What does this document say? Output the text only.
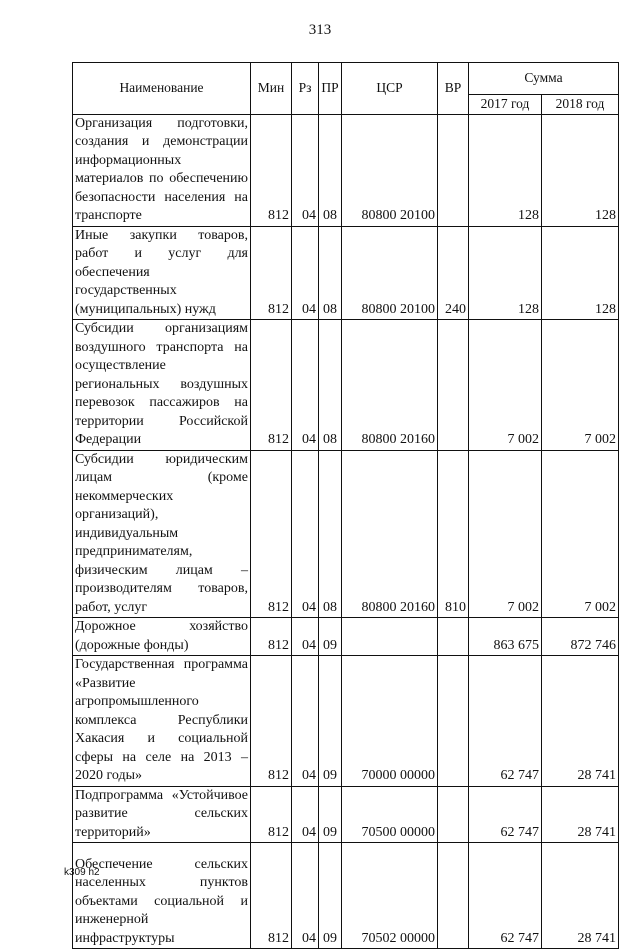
313
Наименование	Мин	Рз	ПР	ЦСР	ВР	Сумма	
						2017 год	2018 год
Организация подготовки, создания и демонстрации информационных материалов по обеспечению безопасности населения на транспорте	812	04	08	80800 20100		128	128
Иные закупки товаров, работ и услуг для обеспечения государственных (муниципальных) нужд	812	04	08	80800 20100	240	128	128
Субсидии организациям воздушного транспорта на осуществление региональных воздушных перевозок пассажиров на территории Российской Федерации	812	04	08	80800 20160		7 002	7 002
Субсидии юридическим лицам (кроме некоммерческих организаций), индивидуальным предпринимателям, физическим лицам – производителям товаров, работ, услуг	812	04	08	80800 20160	810	7 002	7 002
Дорожное хозяйство (дорожные фонды)	812	04	09			863 675	872 746
Государственная программа «Развитие агропромышленного комплекса Республики Хакасия и социальной сферы на селе на 2013 – 2020 годы»	812	04	09	70000 00000		62 747	28 741
Подпрограмма «Устойчивое развитие сельских территорий»	812	04	09	70500 00000		62 747	28 741
Обеспечение сельских населенных пунктов объектами социальной и инженерной инфраструктуры	812	04	09	70502 00000		62 747	28 741
k309 h2
